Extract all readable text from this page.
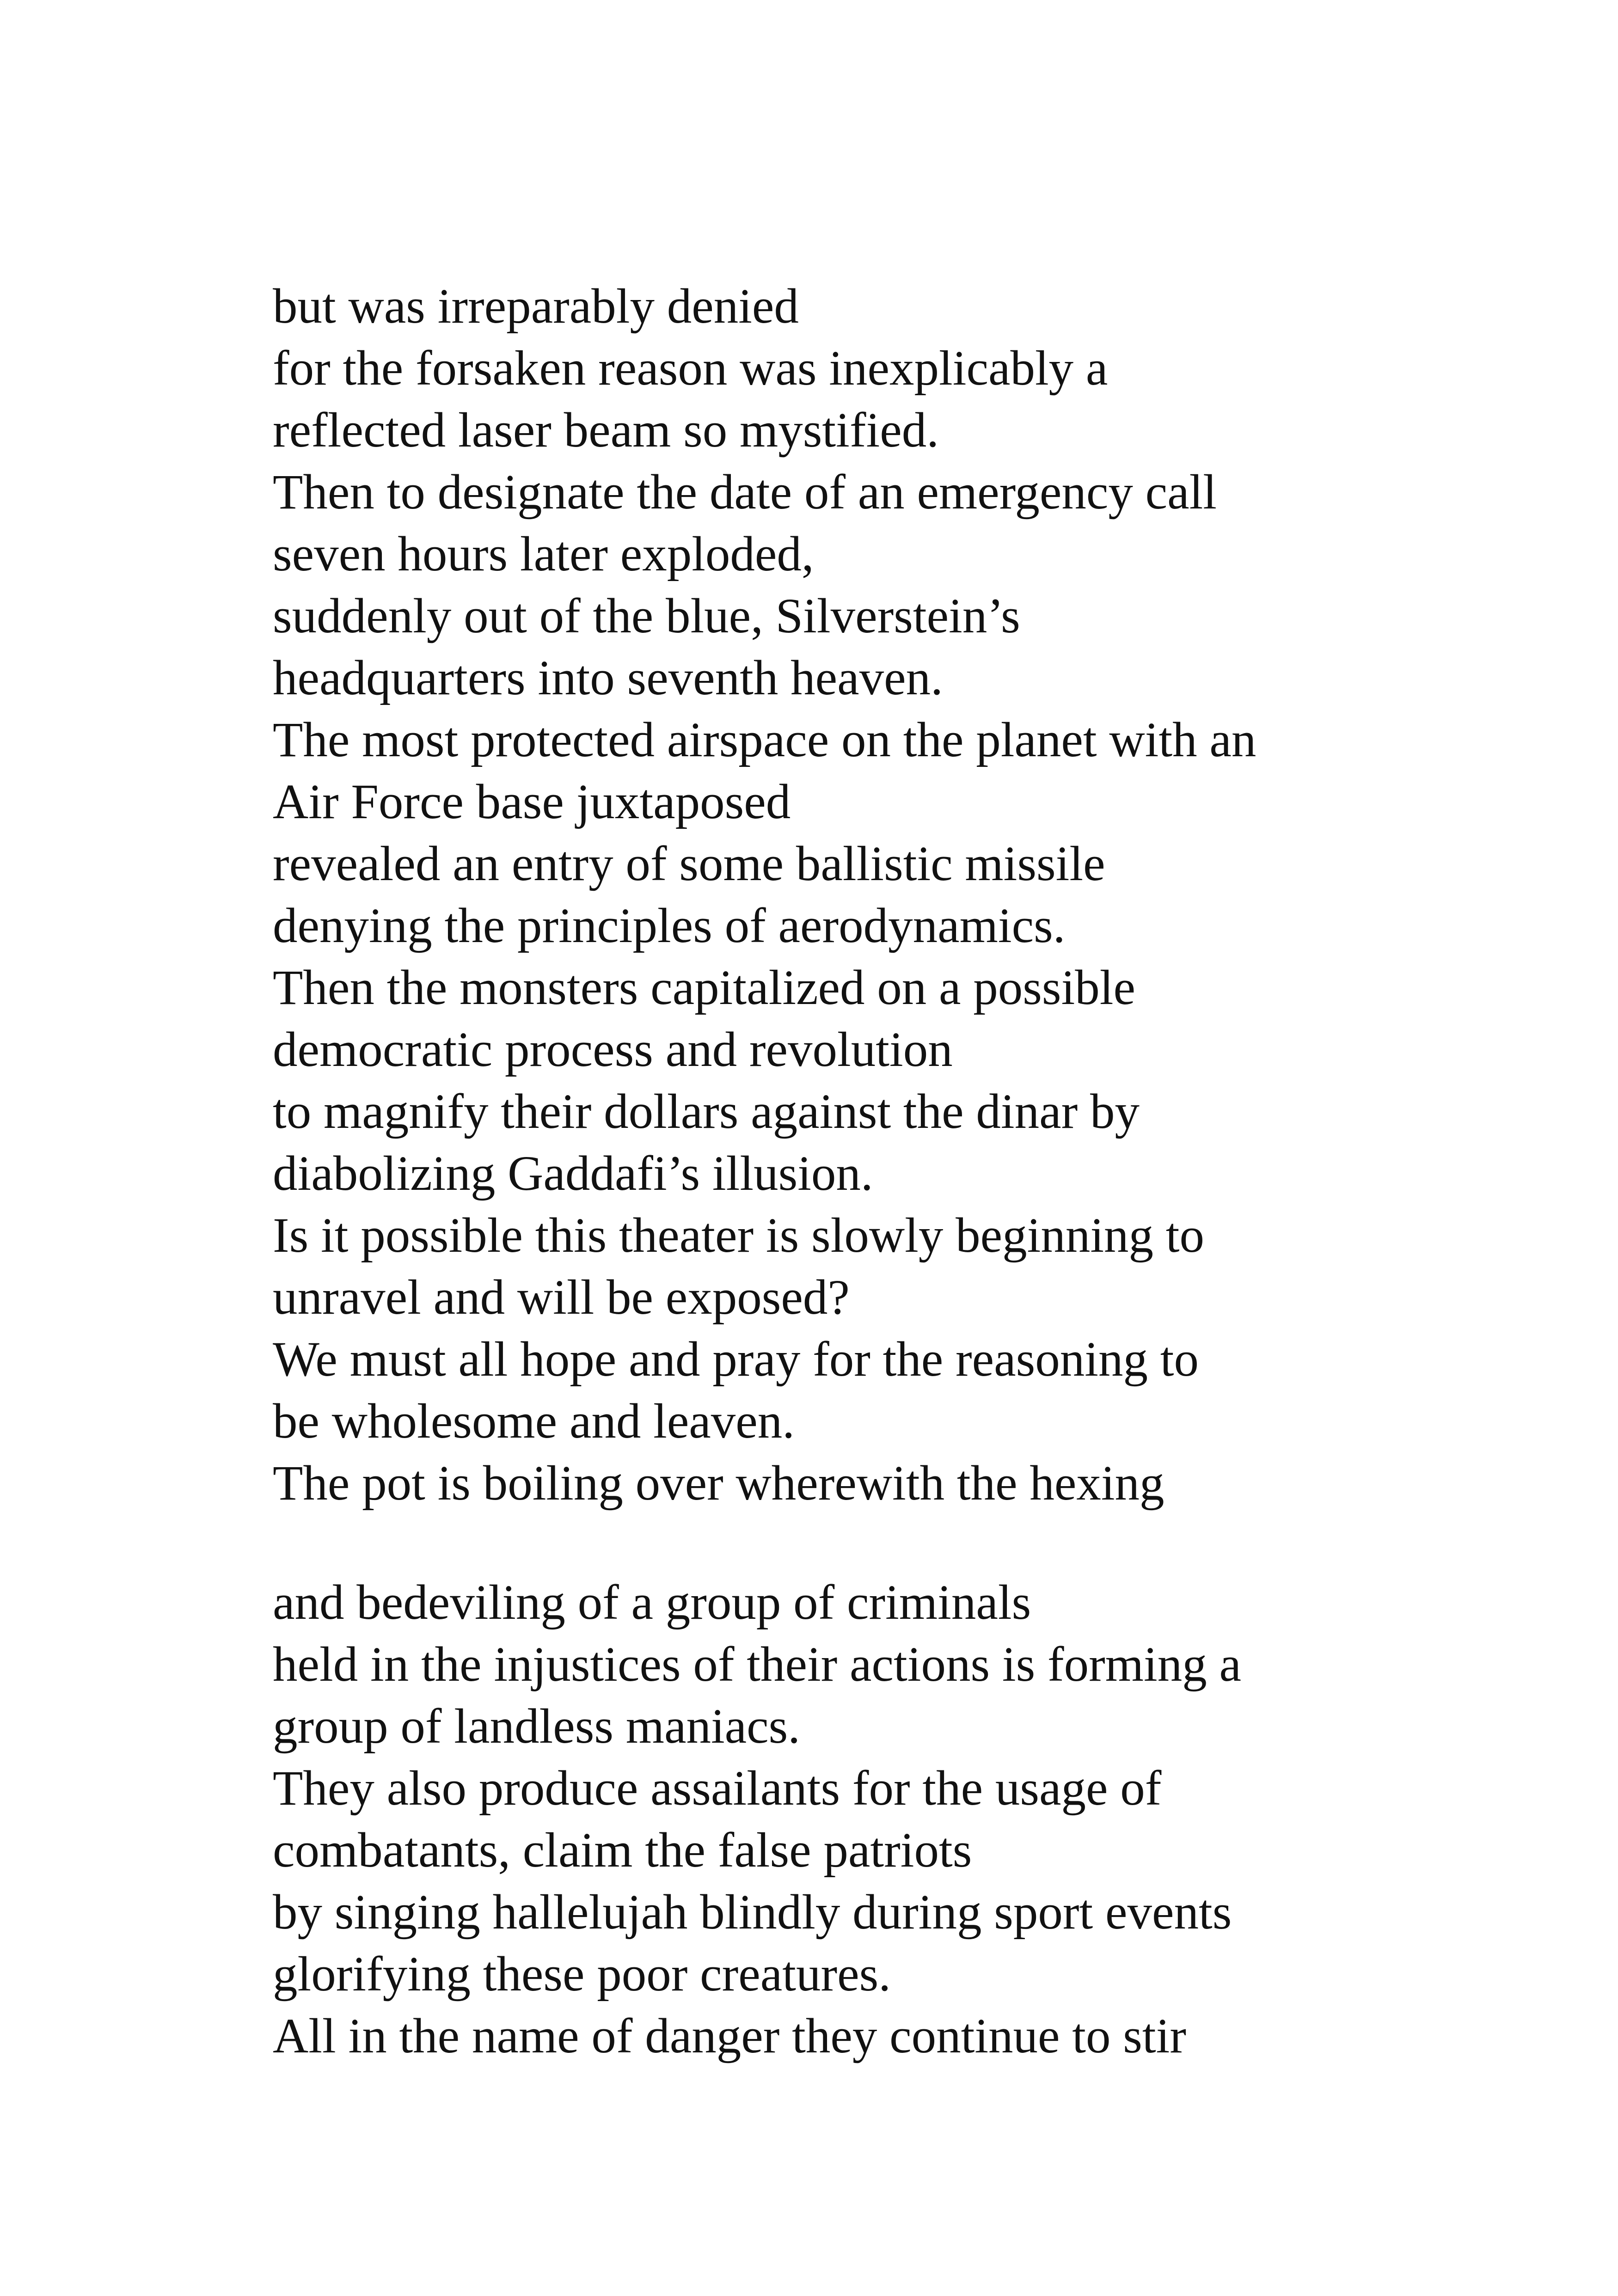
but was irreparably denied
for the forsaken reason was inexplicably a
reflected laser beam so mystified.
Then to designate the date of an emergency call
seven hours later exploded,
suddenly out of the blue, Silverstein’s
headquarters into seventh heaven.
The most protected airspace on the planet with an
Air Force base juxtaposed
revealed an entry of some ballistic missile
denying the principles of aerodynamics.
Then the monsters capitalized on a possible
democratic process and revolution
to magnify their dollars against the dinar by
diabolizing Gaddafi’s illusion.
Is it possible this theater is slowly beginning to
unravel and will be exposed?
We must all hope and pray for the reasoning to
be wholesome and leaven.
The pot is boiling over wherewith the hexing
and bedeviling of a group of criminals
held in the injustices of their actions is forming a
group of landless maniacs.
They also produce assailants for the usage of
combatants, claim the false patriots
by singing hallelujah blindly during sport events
glorifying these poor creatures.
All in the name of danger they continue to stir
